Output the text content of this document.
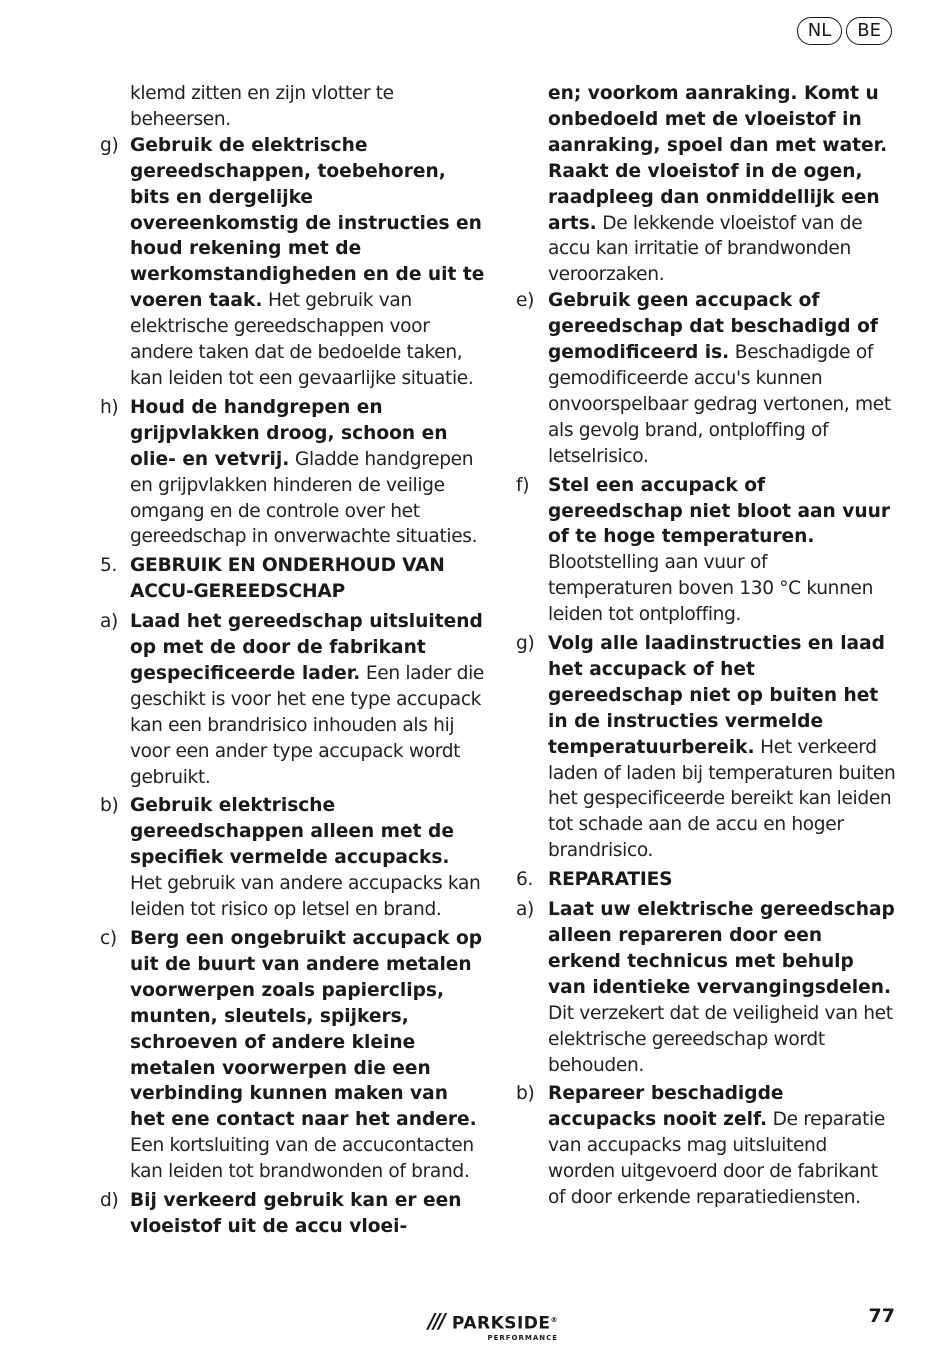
NL	BE

klemd zitten en zijn vlotter te beheersen.

g) Gebruik de elektrische gereedschappen, toebehoren, bits en dergelijke overeenkomstig de instructies en houd rekening met de werkomstandigheden en de uit te voeren taak. Het gebruik van elektrische gereedschappen voor andere taken dat de bedoelde taken, kan leiden tot een gevaarlijke situatie.
h) Houd de handgrepen en grijpvlakken droog, schoon en olie- en vetvrij. Gladde handgrepen en grijpvlakken hinderen de veilige omgang en de controle over het gereedschap in onverwachte situaties.
5. GEBRUIK EN ONDERHOUD VAN ACCU-GEREEDSCHAP
a) Laad het gereedschap uitsluitend op met de door de fabrikant gespecificeerde lader. Een lader die geschikt is voor het ene type accupack kan een brandrisico inhouden als hij voor een ander type accupack wordt gebruikt.
b) Gebruik elektrische gereedschappen alleen met de specifiek vermelde accupacks. Het gebruik van andere accupacks kan leiden tot risico op letsel en brand.
c) Berg een ongebruikt accupack op uit de buurt van andere metalen voorwerpen zoals papierclips, munten, sleutels, spijkers, schroeven of andere kleine metalen voorwerpen die een verbinding kunnen maken van het ene contact naar het andere. Een kortsluiting van de accucontacten kan leiden tot brandwonden of brand.
d) Bij verkeerd gebruik kan er een vloeistof uit de accu vloei-
en; voorkom aanraking. Komt u onbedoeld met de vloeistof in aanraking, spoel dan met water. Raakt de vloeistof in de ogen, raadpleeg dan onmiddellijk een arts. De lekkende vloeistof van de accu kan irritatie of brandwonden veroorzaken.
e) Gebruik geen accupack of gereedschap dat beschadigd of gemodificeerd is. Beschadigde of gemodificeerde accu's kunnen onvoorspelbaar gedrag vertonen, met als gevolg brand, ontploffing of letselrisico.
f) Stel een accupack of gereedschap niet bloot aan vuur of te hoge temperaturen. Blootstelling aan vuur of temperaturen boven 130 °C kunnen leiden tot ontploffing.
g) Volg alle laadinstructies en laad het accupack of het gereedschap niet op buiten het in de instructies vermelde temperatuurbereik. Het verkeerd laden of laden bij temperaturen buiten het gespecificeerde bereikt kan leiden tot schade aan de accu en hoger brandrisico.
6. REPARATIES
a) Laat uw elektrische gereedschap alleen repareren door een erkend technicus met behulp van identieke vervangingsdelen. Dit verzekert dat de veiligheid van het elektrische gereedschap wordt behouden.
b) Repareer beschadigde accupacks nooit zelf. De reparatie van accupacks mag uitsluitend worden uitgevoerd door de fabrikant of door erkende reparatiediensten.
/// PARKSIDE®
PERFORMANCE
77
